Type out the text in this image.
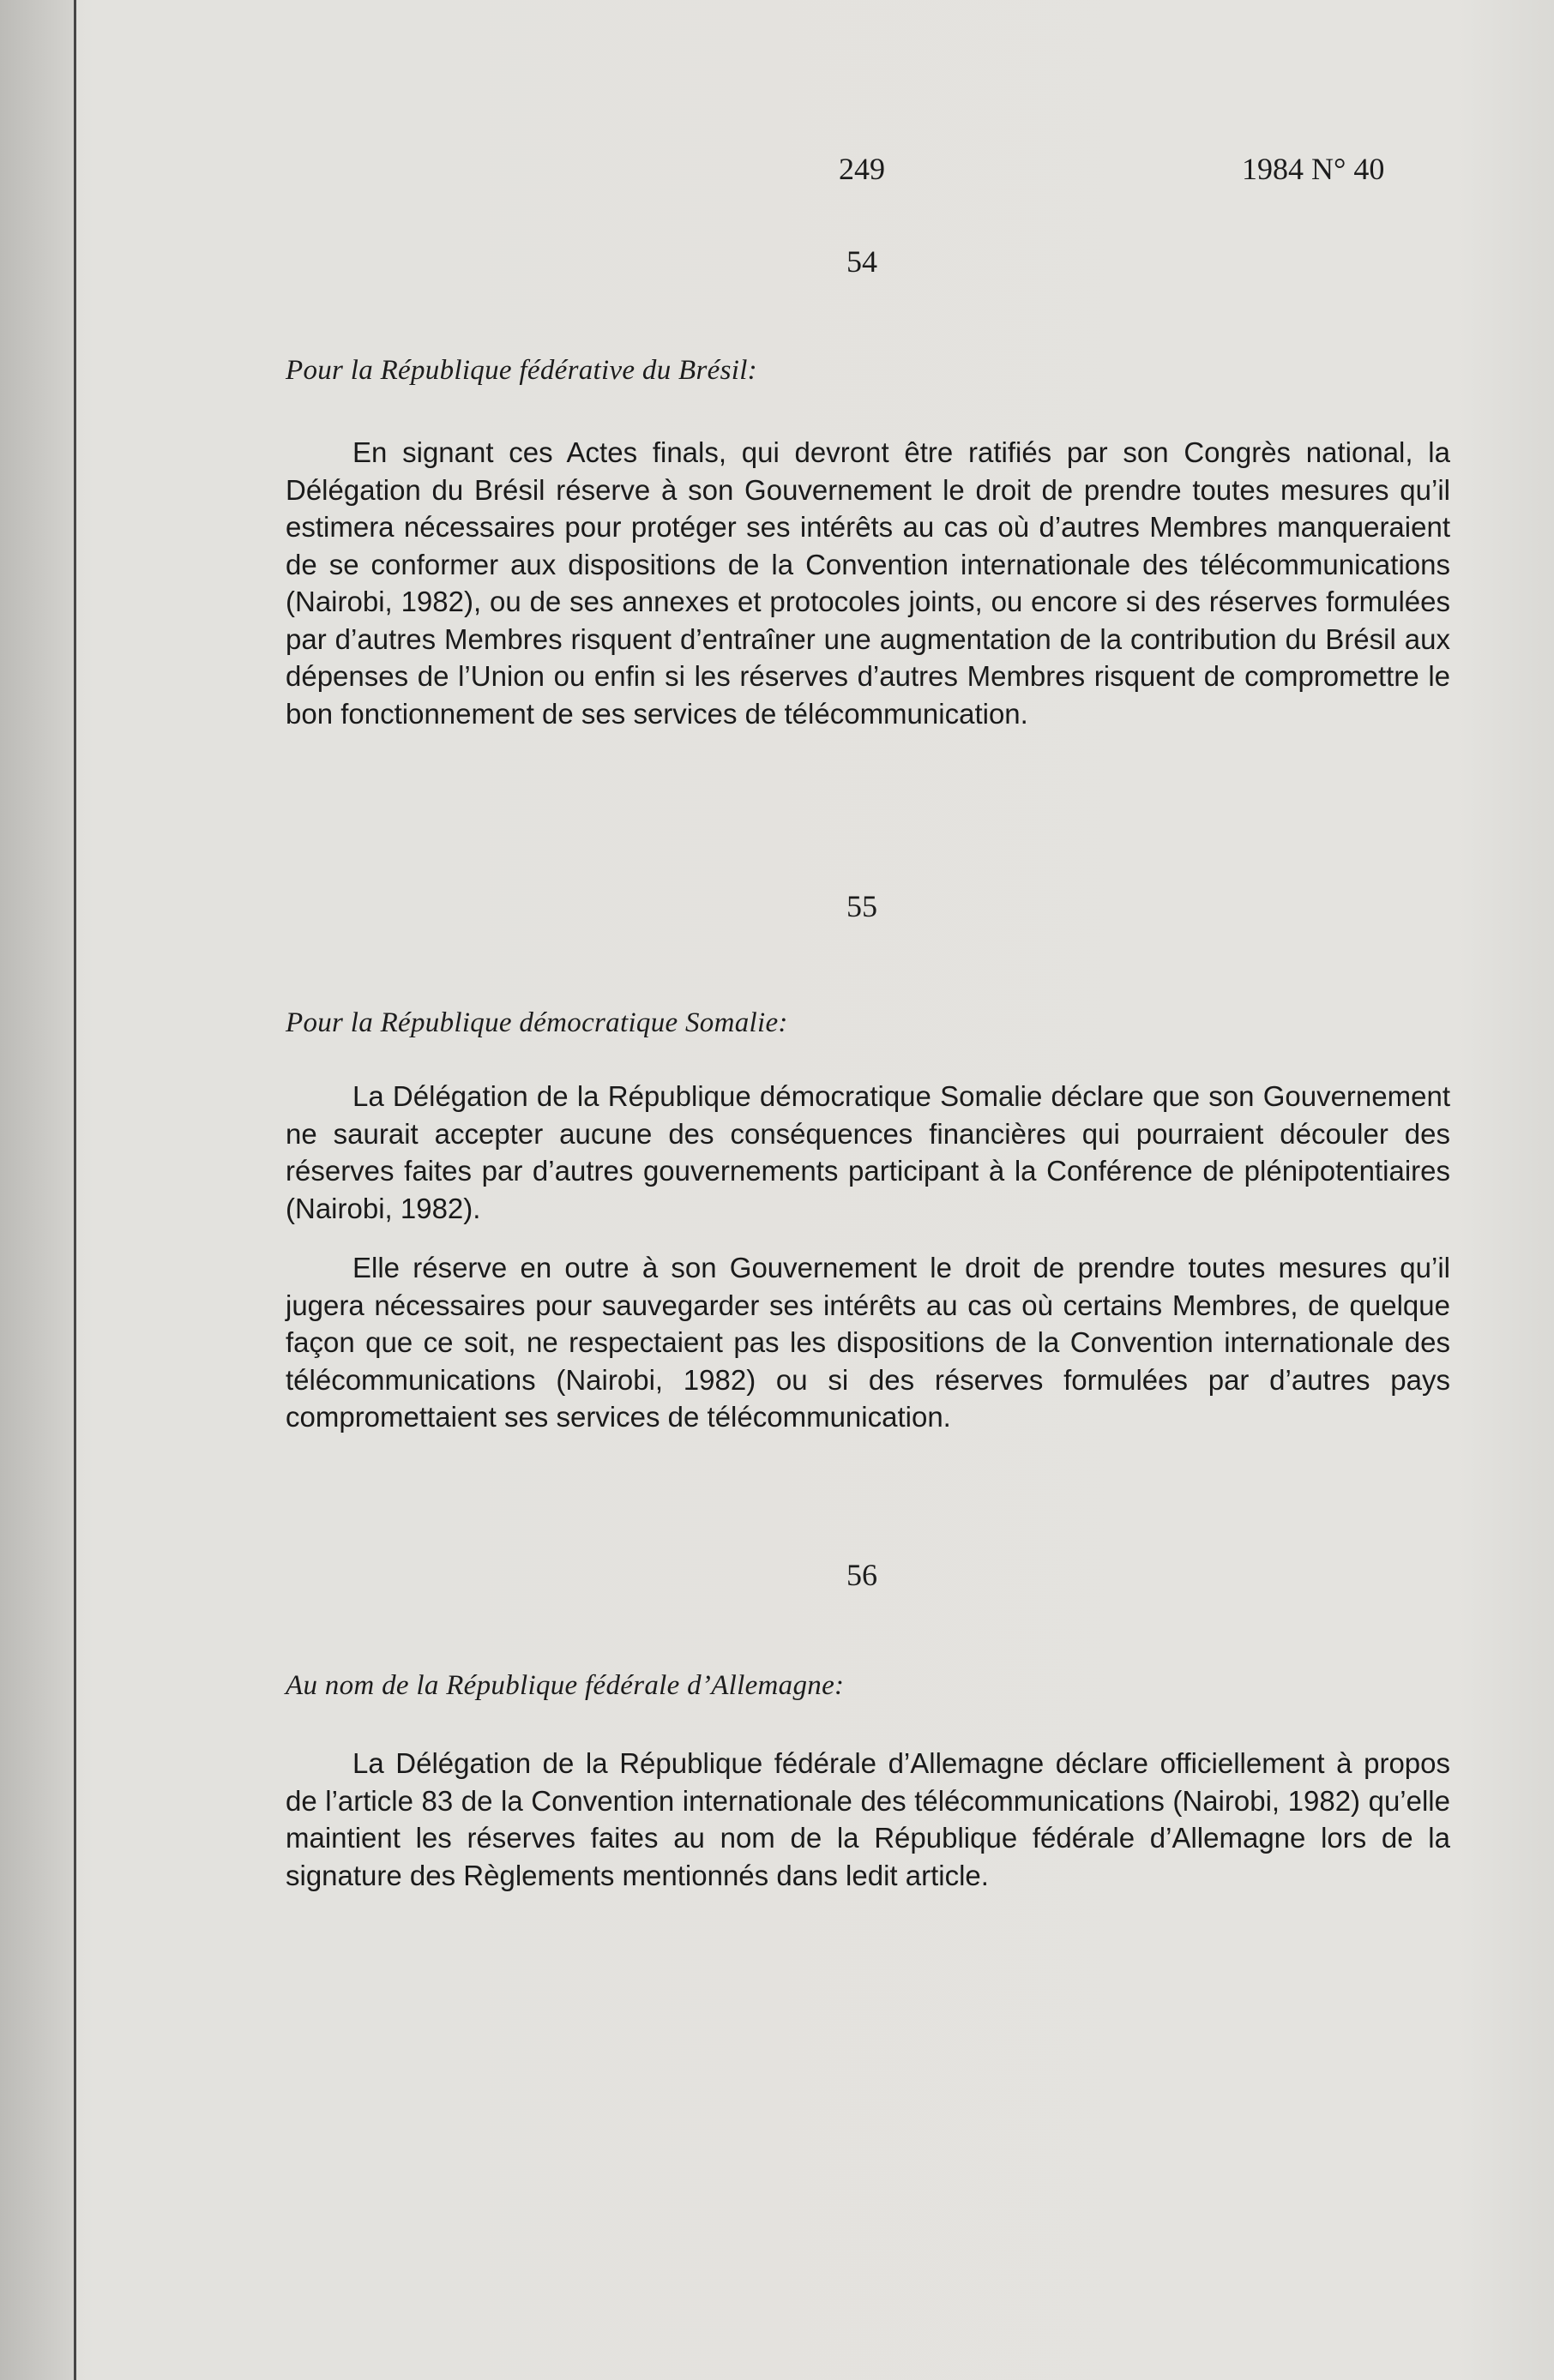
249	1984 N° 40
54
Pour la République fédérative du Brésil:

En signant ces Actes finals, qui devront être ratifiés par son Congrès national, la Délégation du Brésil réserve à son Gouvernement le droit de prendre toutes mesures qu’il estimera nécessaires pour protéger ses intérêts au cas où d’autres Membres manqueraient de se conformer aux dispositions de la Convention internationale des télécommunications (Nairobi, 1982), ou de ses annexes et protocoles joints, ou encore si des réserves formulées par d’autres Membres risquent d’entraîner une augmentation de la contribution du Brésil aux dépenses de l’Union ou enfin si les réserves d’autres Membres risquent de compromettre le bon fonctionnement de ses services de télécommunication.

55
Pour la République démocratique Somalie:

La Délégation de la République démocratique Somalie déclare que son Gouvernement ne saurait accepter aucune des conséquences financières qui pourraient découler des réserves faites par d’autres gouvernements participant à la Conférence de plénipotentiaires (Nairobi, 1982).

Elle réserve en outre à son Gouvernement le droit de prendre toutes mesures qu’il jugera nécessaires pour sauvegarder ses intérêts au cas où certains Membres, de quelque façon que ce soit, ne respectaient pas les dispositions de la Convention internationale des télécommunications (Nairobi, 1982) ou si des réserves formulées par d’autres pays compromettaient ses services de télécommunication.

56
Au nom de la République fédérale d’Allemagne:

La Délégation de la République fédérale d’Allemagne déclare officiellement à propos de l’article 83 de la Convention internationale des télécommunications (Nairobi, 1982) qu’elle maintient les réserves faites au nom de la République fédérale d’Allemagne lors de la signature des Règlements mentionnés dans ledit article.
